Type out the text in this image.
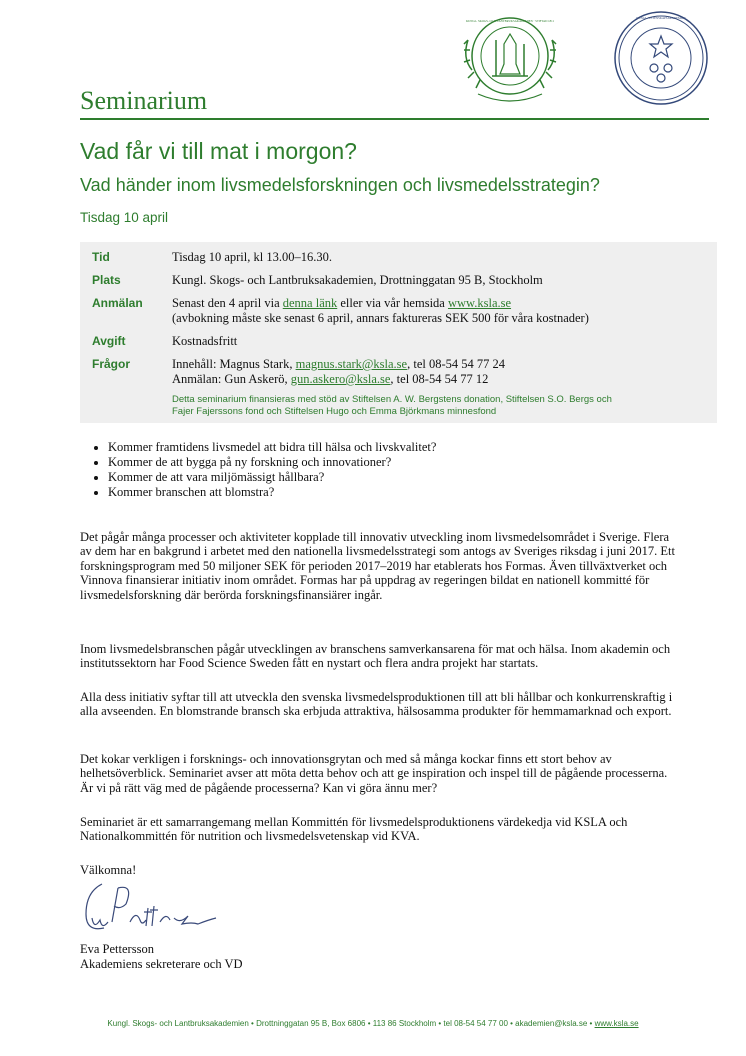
KUNGL. SKOGS- OCH LANTBRUKSAKADEMIEN · STIFTAD 1811
KUNGL. VETENSKAPSAKADEMIEN
Seminarium
Vad får vi till mat i morgon?
Vad händer inom livsmedelsforskningen och livsmedelsstrategin?
Tisdag 10 april
Tid	Tisdag 10 april, kl 13.00–16.30.
Plats	Kungl. Skogs- och Lantbruksakademien, Drottninggatan 95 B, Stockholm
Anmälan Senast den 4 april via denna länk eller via vår hemsida www.ksla.se
(avbokning måste ske senast 6 april, annars faktureras SEK 500 för våra kostnader)
Avgift	Kostnadsfritt
Frågor	Innehåll: Magnus Stark, magnus.stark@ksla.se, tel 08-54 54 77 24
Anmälan: Gun Askerö, gun.askero@ksla.se, tel 08-54 54 77 12
Detta seminarium finansieras med stöd av Stiftelsen A. W. Bergstens donation, Stiftelsen S.O. Bergs och
Fajer Fajerssons fond och Stiftelsen Hugo och Emma Björkmans minnesfond
• Kommer framtidens livsmedel att bidra till hälsa och livskvalitet?
• Kommer de att bygga på ny forskning och innovationer?
• Kommer de att vara miljömässigt hållbara?
• Kommer branschen att blomstra?
Det pågår många processer och aktiviteter kopplade till innovativ utveckling inom livsmedelsområdet i Sverige. Flera av dem har en bakgrund i arbetet med den nationella livsmedelsstrategi som antogs av Sveriges riksdag i juni 2017. Ett forskningsprogram med 50 miljoner SEK för perioden 2017–2019 har etablerats hos Formas. Även tillväxtverket och Vinnova finansierar initiativ inom området. Formas har på uppdrag av regeringen bildat en nationell kommitté för livsmedelsforskning där berörda forskningsfinansiärer ingår.
Inom livsmedelsbranschen pågår utvecklingen av branschens samverkansarena för mat och hälsa. Inom akademin och institutssektorn har Food Science Sweden fått en nystart och flera andra projekt har startats.
Alla dess initiativ syftar till att utveckla den svenska livsmedelsproduktionen till att bli hållbar och konkurrenskraftig i alla avseenden. En blomstrande bransch ska erbjuda attraktiva, hälsosamma produkter för hemmamarknad och export.
Det kokar verkligen i forsknings- och innovationsgrytan och med så många kockar finns ett stort behov av helhetsöverblick. Seminariet avser att möta detta behov och att ge inspiration och inspel till de pågående processerna. Är vi på rätt väg med de pågående processerna? Kan vi göra ännu mer?
Seminariet är ett samarrangemang mellan Kommittén för livsmedelsproduktionens värdekedja vid KSLA och Nationalkommittén för nutrition och livsmedelsvetenskap vid KVA.
Välkomna!
Eva Pettersson
Akademiens sekreterare och VD
Kungl. Skogs- och Lantbruksakademien • Drottninggatan 95 B, Box 6806 • 113 86 Stockholm • tel 08-54 54 77 00 • akademien@ksla.se • www.ksla.se
